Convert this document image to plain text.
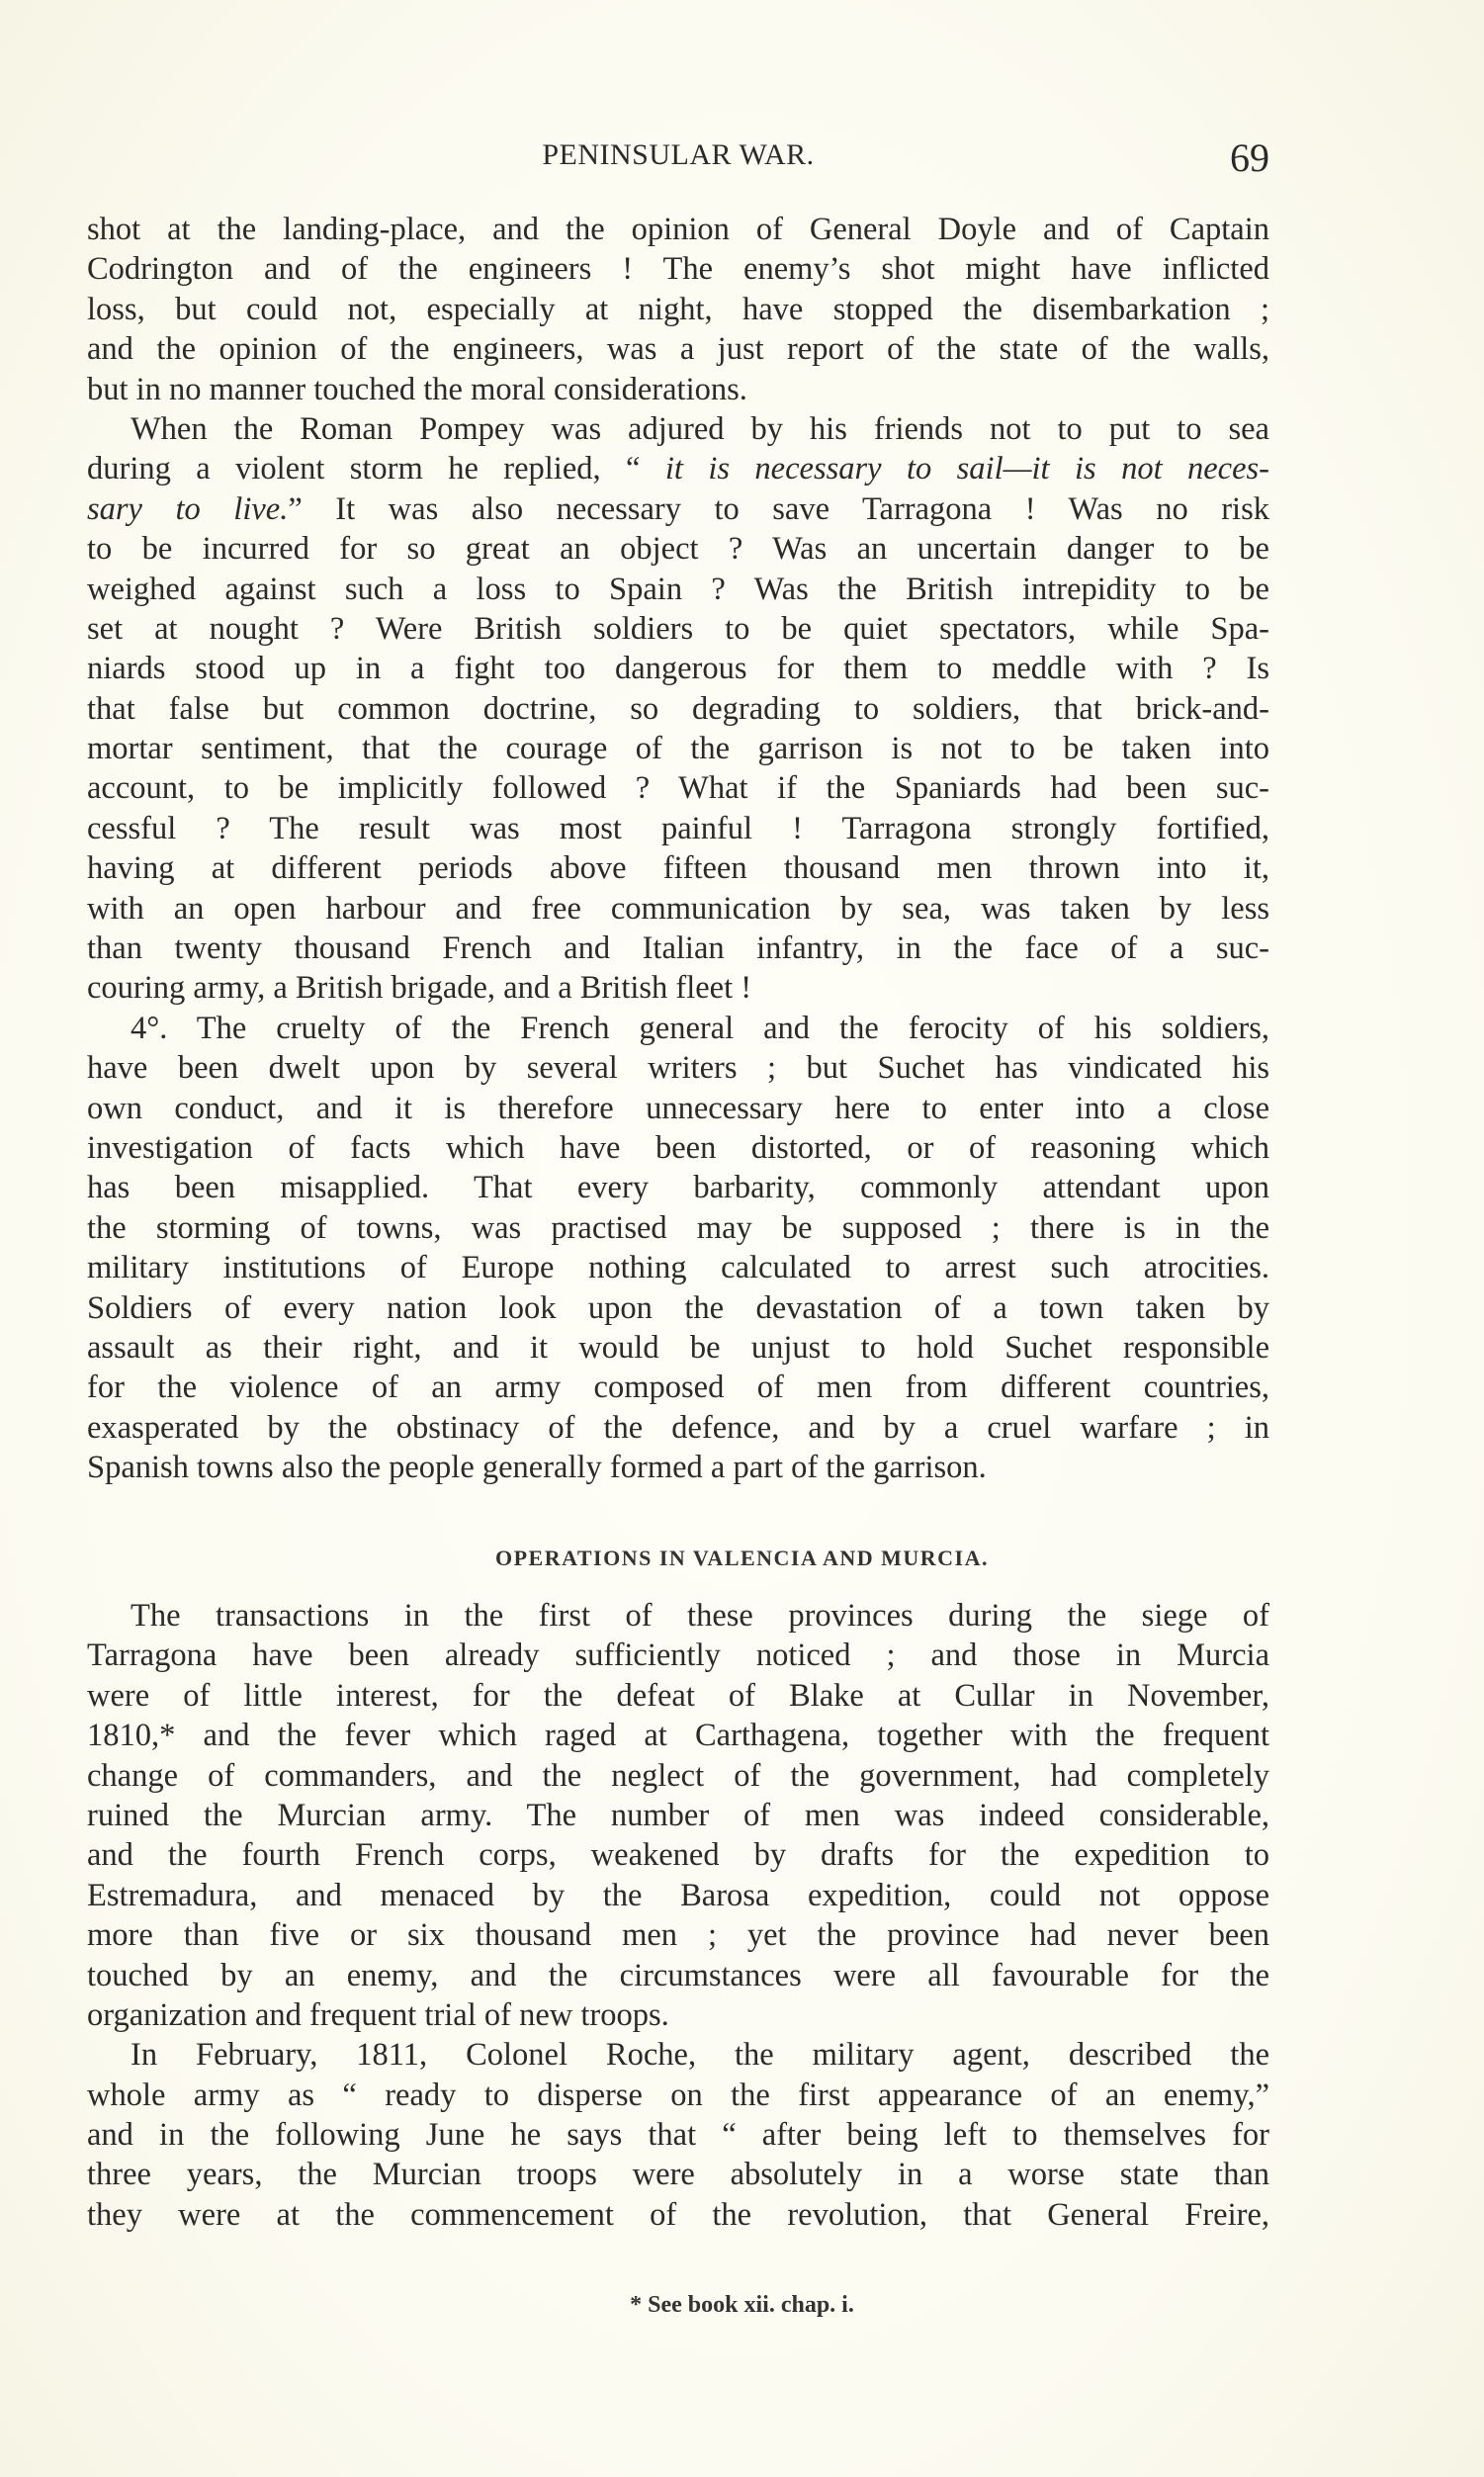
PENINSULAR WAR.	69
shot at the landing-place, and the opinion of General Doyle and of Captain
Codrington and of the engineers ! The enemy’s shot might have inflicted
loss, but could not, especially at night, have stopped the disembarkation ;
and the opinion of the engineers, was a just report of the state of the walls,
but in no manner touched the moral considerations.
When the Roman Pompey was adjured by his friends not to put to sea
during a violent storm he replied, “ it is necessary to sail—it is not neces-
sary to live.” It was also necessary to save Tarragona ! Was no risk
to be incurred for so great an object ? Was an uncertain danger to be
weighed against such a loss to Spain ? Was the British intrepidity to be
set at nought ? Were British soldiers to be quiet spectators, while Spa-
niards stood up in a fight too dangerous for them to meddle with ? Is
that false but common doctrine, so degrading to soldiers, that brick-and-
mortar sentiment, that the courage of the garrison is not to be taken into
account, to be implicitly followed ? What if the Spaniards had been suc-
cessful ? The result was most painful ! Tarragona strongly fortified,
having at different periods above fifteen thousand men thrown into it,
with an open harbour and free communication by sea, was taken by less
than twenty thousand French and Italian infantry, in the face of a suc-
couring army, a British brigade, and a British fleet !
4°. The cruelty of the French general and the ferocity of his soldiers,
have been dwelt upon by several writers ; but Suchet has vindicated his
own conduct, and it is therefore unnecessary here to enter into a close
investigation of facts which have been distorted, or of reasoning which
has been misapplied. That every barbarity, commonly attendant upon
the storming of towns, was practised may be supposed ; there is in the
military institutions of Europe nothing calculated to arrest such atrocities.
Soldiers of every nation look upon the devastation of a town taken by
assault as their right, and it would be unjust to hold Suchet responsible
for the violence of an army composed of men from different countries,
exasperated by the obstinacy of the defence, and by a cruel warfare ; in
Spanish towns also the people generally formed a part of the garrison.
OPERATIONS IN VALENCIA AND MURCIA.
The transactions in the first of these provinces during the siege of
Tarragona have been already sufficiently noticed ; and those in Murcia
were of little interest, for the defeat of Blake at Cullar in November,
1810,* and the fever which raged at Carthagena, together with the frequent
change of commanders, and the neglect of the government, had completely
ruined the Murcian army. The number of men was indeed considerable,
and the fourth French corps, weakened by drafts for the expedition to
Estremadura, and menaced by the Barosa expedition, could not oppose
more than five or six thousand men ; yet the province had never been
touched by an enemy, and the circumstances were all favourable for the
organization and frequent trial of new troops.
In February, 1811, Colonel Roche, the military agent, described the
whole army as “ ready to disperse on the first appearance of an enemy,”
and in the following June he says that “ after being left to themselves for
three years, the Murcian troops were absolutely in a worse state than
they were at the commencement of the revolution, that General Freire,
* See book xii. chap. i.
